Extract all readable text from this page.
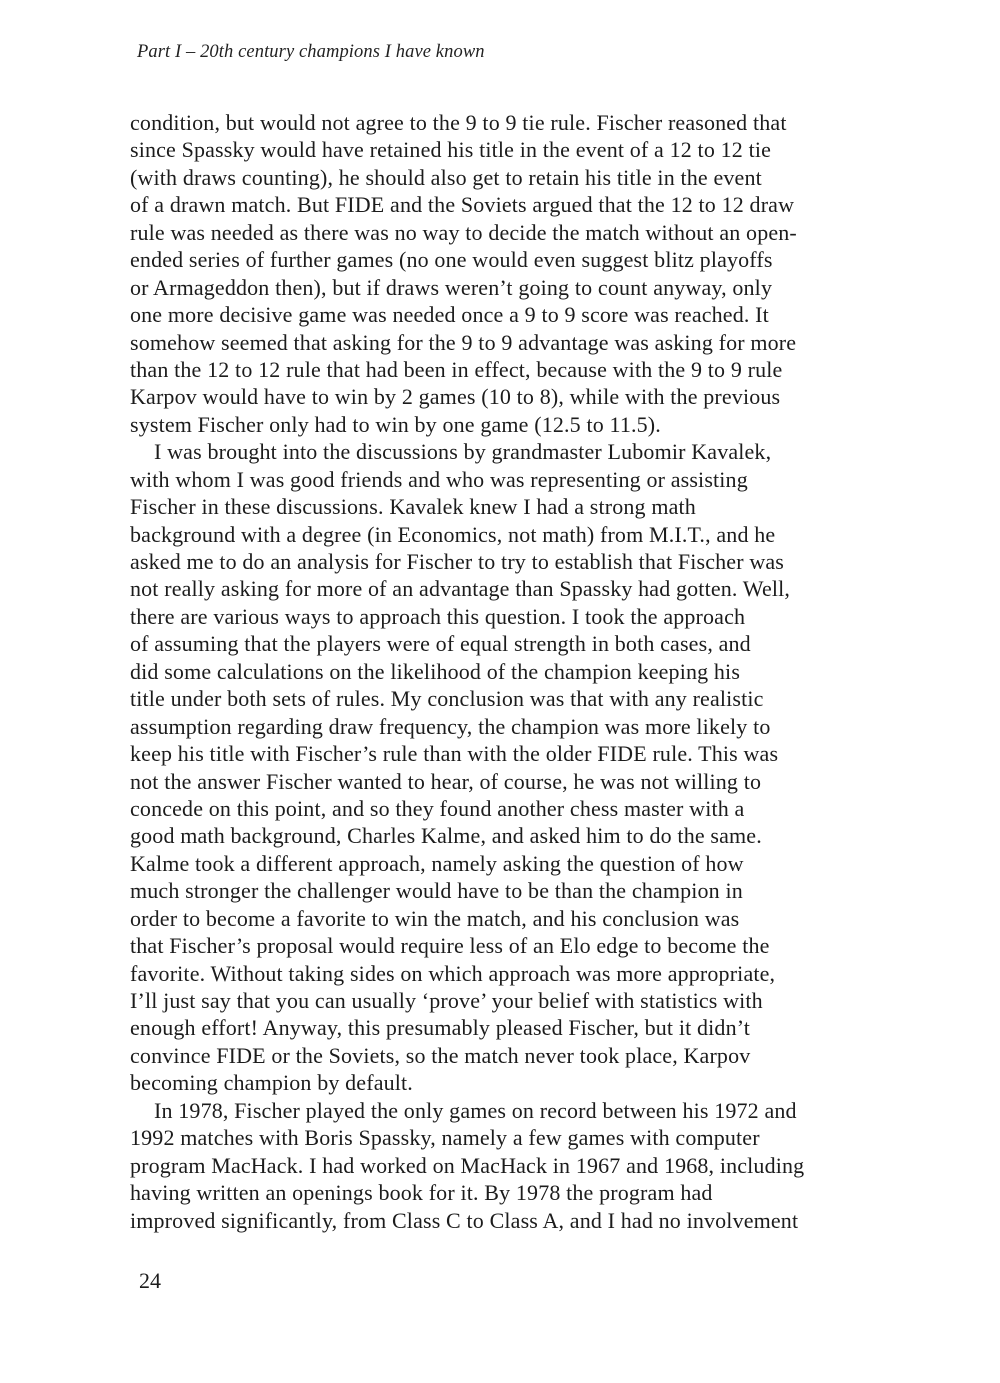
Part I – 20th century champions I have known
condition, but would not agree to the 9 to 9 tie rule. Fischer reasoned that
since Spassky would have retained his title in the event of a 12 to 12 tie
(with draws counting), he should also get to retain his title in the event
of a drawn match. But FIDE and the Soviets argued that the 12 to 12 draw
rule was needed as there was no way to decide the match without an open-
ended series of further games (no one would even suggest blitz playoffs
or Armageddon then), but if draws weren’t going to count anyway, only
one more decisive game was needed once a 9 to 9 score was reached. It
somehow seemed that asking for the 9 to 9 advantage was asking for more
than the 12 to 12 rule that had been in effect, because with the 9 to 9 rule
Karpov would have to win by 2 games (10 to 8), while with the previous
system Fischer only had to win by one game (12.5 to 11.5).
I was brought into the discussions by grandmaster Lubomir Kavalek,
with whom I was good friends and who was representing or assisting
Fischer in these discussions. Kavalek knew I had a strong math
background with a degree (in Economics, not math) from M.I.T., and he
asked me to do an analysis for Fischer to try to establish that Fischer was
not really asking for more of an advantage than Spassky had gotten. Well,
there are various ways to approach this question. I took the approach
of assuming that the players were of equal strength in both cases, and
did some calculations on the likelihood of the champion keeping his
title under both sets of rules. My conclusion was that with any realistic
assumption regarding draw frequency, the champion was more likely to
keep his title with Fischer’s rule than with the older FIDE rule. This was
not the answer Fischer wanted to hear, of course, he was not willing to
concede on this point, and so they found another chess master with a
good math background, Charles Kalme, and asked him to do the same.
Kalme took a different approach, namely asking the question of how
much stronger the challenger would have to be than the champion in
order to become a favorite to win the match, and his conclusion was
that Fischer’s proposal would require less of an Elo edge to become the
favorite. Without taking sides on which approach was more appropriate,
I’ll just say that you can usually ‘prove’ your belief with statistics with
enough effort! Anyway, this presumably pleased Fischer, but it didn’t
convince FIDE or the Soviets, so the match never took place, Karpov
becoming champion by default.
In 1978, Fischer played the only games on record between his 1972 and
1992 matches with Boris Spassky, namely a few games with computer
program MacHack. I had worked on MacHack in 1967 and 1968, including
having written an openings book for it. By 1978 the program had
improved significantly, from Class C to Class A, and I had no involvement
24
